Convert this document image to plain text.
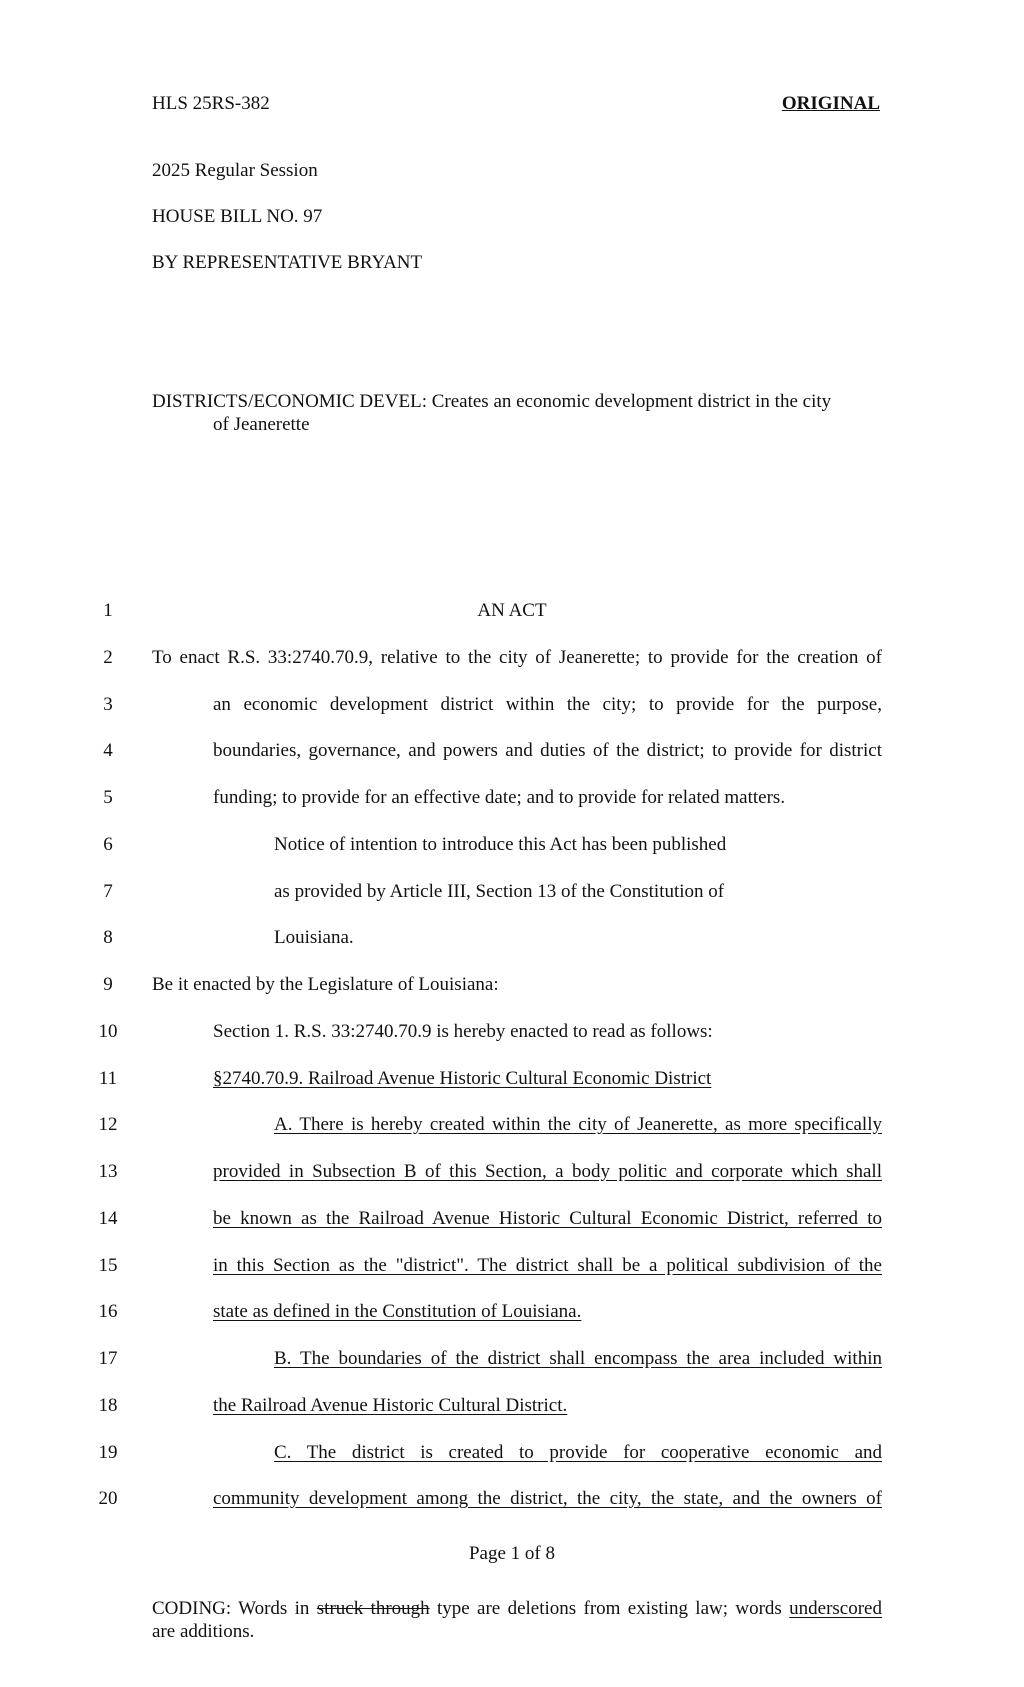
HLS 25RS-382	ORIGINAL
2025 Regular Session
HOUSE BILL NO. 97
BY REPRESENTATIVE BRYANT
DISTRICTS/ECONOMIC DEVEL: Creates an economic development district in the city
of Jeanerette
1	AN ACT
2	To enact R.S. 33:2740.70.9, relative to the city of Jeanerette; to provide for the creation of
3	an economic development district within the city; to provide for the purpose,
4	boundaries, governance, and powers and duties of the district; to provide for district
5	funding; to provide for an effective date; and to provide for related matters.
6	Notice of intention to introduce this Act has been published
7	as provided by Article III, Section 13 of the Constitution of
8	Louisiana.
9	Be it enacted by the Legislature of Louisiana:
10	Section 1. R.S. 33:2740.70.9 is hereby enacted to read as follows:
11	§2740.70.9. Railroad Avenue Historic Cultural Economic District
12	A. There is hereby created within the city of Jeanerette, as more specifically
13	provided in Subsection B of this Section, a body politic and corporate which shall
14	be known as the Railroad Avenue Historic Cultural Economic District, referred to
15	in this Section as the "district". The district shall be a political subdivision of the
16	state as defined in the Constitution of Louisiana.
17	B. The boundaries of the district shall encompass the area included within
18	the Railroad Avenue Historic Cultural District.
19	C. The district is created to provide for cooperative economic and
20	community development among the district, the city, the state, and the owners of
Page 1 of 8
CODING: Words in struck through type are deletions from existing law; words underscored
are additions.
